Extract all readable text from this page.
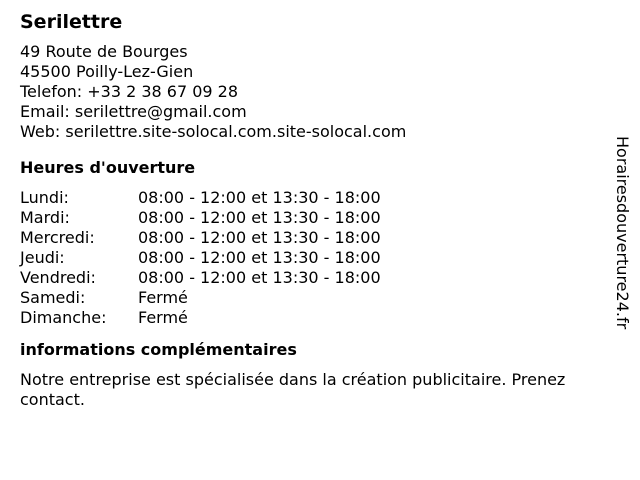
Serilettre
49 Route de Bourges
45500 Poilly-Lez-Gien
Telefon: +33 2 38 67 09 28
Email: serilettre@gmail.com
Web: serilettre.site-solocal.com.site-solocal.com
Heures d'ouverture
Lundi:	08:00 - 12:00 et 13:30 - 18:00
Mardi:	08:00 - 12:00 et 13:30 - 18:00
Mercredi:	08:00 - 12:00 et 13:30 - 18:00
Jeudi:	08:00 - 12:00 et 13:30 - 18:00
Vendredi:	08:00 - 12:00 et 13:30 - 18:00
Samedi:	Fermé
Dimanche:	Fermé
informations complémentaires
Notre entreprise est spécialisée dans la création publicitaire. Prenez contact.
Horairesdouverture24.fr
